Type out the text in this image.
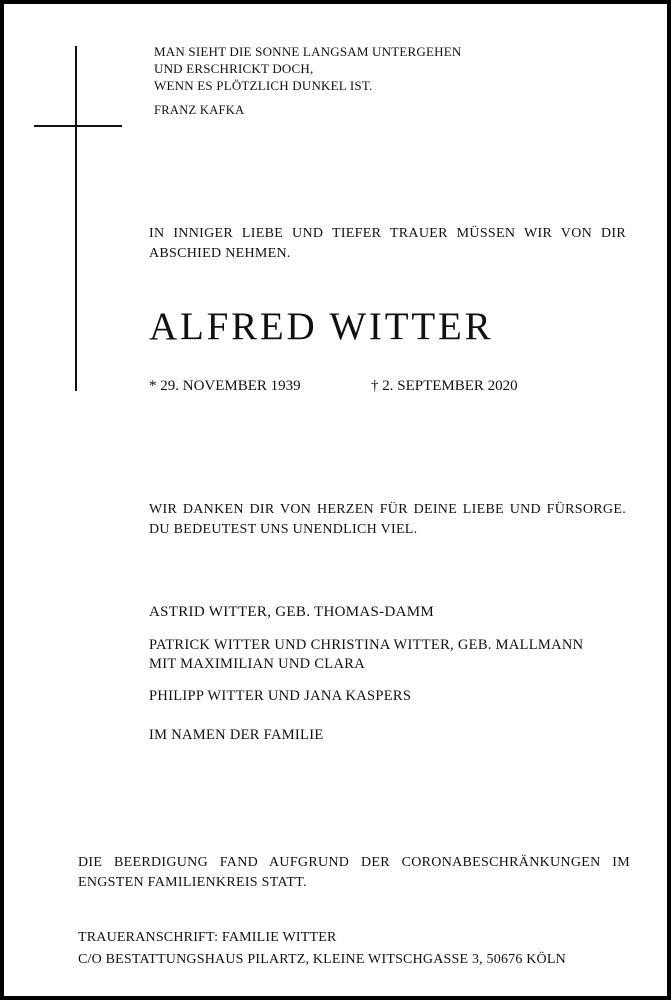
MAN SIEHT DIE SONNE LANGSAM UNTERGEHEN
UND ERSCHRICKT DOCH,
WENN ES PLÖTZLICH DUNKEL IST.
FRANZ KAFKA
IN INNIGER LIEBE UND TIEFER TRAUER MÜSSEN WIR VON DIR ABSCHIED NEHMEN.
ALFRED WITTER
* 29. NOVEMBER 1939	† 2. SEPTEMBER 2020
WIR DANKEN DIR VON HERZEN FÜR DEINE LIEBE UND FÜRSORGE. DU BEDEUTEST UNS UNENDLICH VIEL.
ASTRID WITTER, GEB. THOMAS-DAMM
PATRICK WITTER UND CHRISTINA WITTER, GEB. MALLMANN
MIT MAXIMILIAN UND CLARA
PHILIPP WITTER UND JANA KASPERS
IM NAMEN DER FAMILIE
DIE BEERDIGUNG FAND AUFGRUND DER CORONABESCHRÄNKUNGEN IM ENGSTEN FAMILIENKREIS STATT.
TRAUERANSCHRIFT: FAMILIE WITTER
C/O BESTATTUNGSHAUS PILARTZ, KLEINE WITSCHGASSE 3, 50676 KÖLN
